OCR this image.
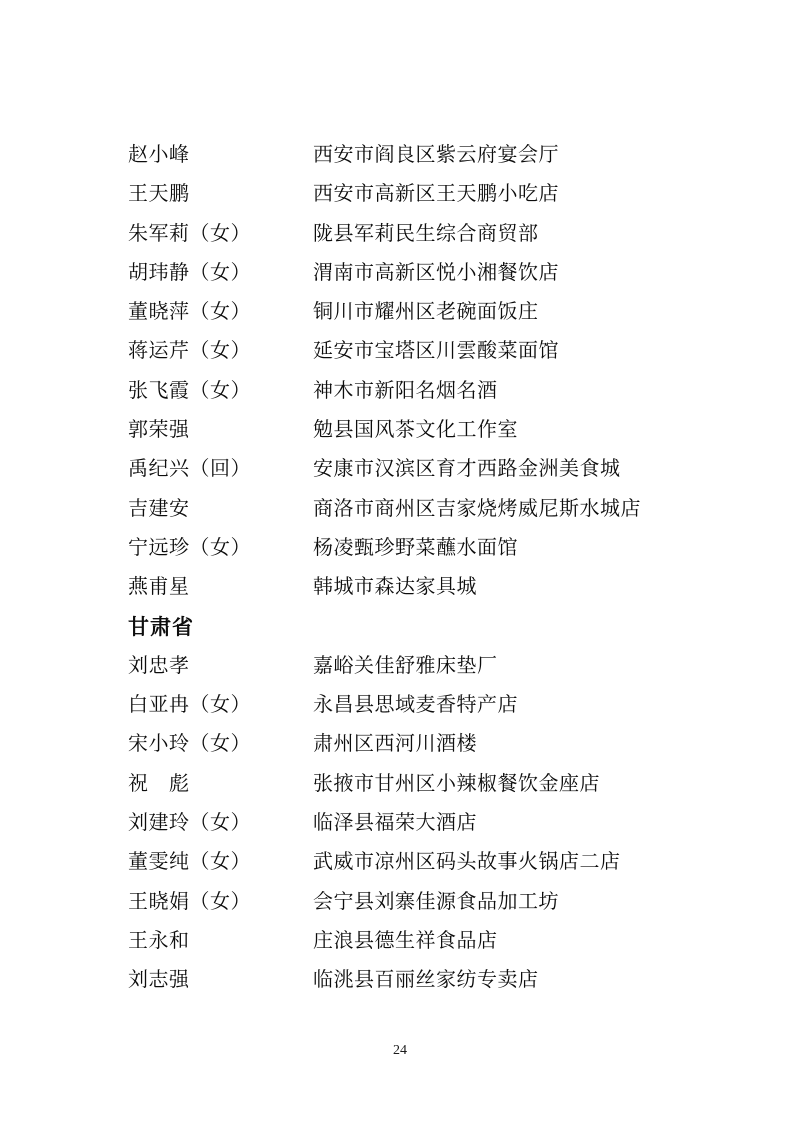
赵小峰	西安市阎良区紫云府宴会厅
王天鹏	西安市高新区王天鹏小吃店
朱军莉（女）	陇县军莉民生综合商贸部
胡玮静（女）	渭南市高新区悦小湘餐饮店
董晓萍（女）	铜川市耀州区老碗面饭庄
蒋运芹（女）	延安市宝塔区川雲酸菜面馆
张飞霞（女）	神木市新阳名烟名酒
郭荣强	勉县国风茶文化工作室
禹纪兴（回）	安康市汉滨区育才西路金洲美食城
吉建安	商洛市商州区吉家烧烤威尼斯水城店
宁远珍（女）	杨凌甄珍野菜蘸水面馆
燕甫星	韩城市森达家具城
甘肃省
刘忠孝	嘉峪关佳舒雅床垫厂
白亚冉（女）	永昌县思域麦香特产店
宋小玲（女）	肃州区西河川酒楼
祝　彪	张掖市甘州区小辣椒餐饮金座店
刘建玲（女）	临泽县福荣大酒店
董雯纯（女）	武威市凉州区码头故事火锅店二店
王晓娟（女）	会宁县刘寨佳源食品加工坊
王永和	庄浪县德生祥食品店
刘志强	临洮县百丽丝家纺专卖店
24
